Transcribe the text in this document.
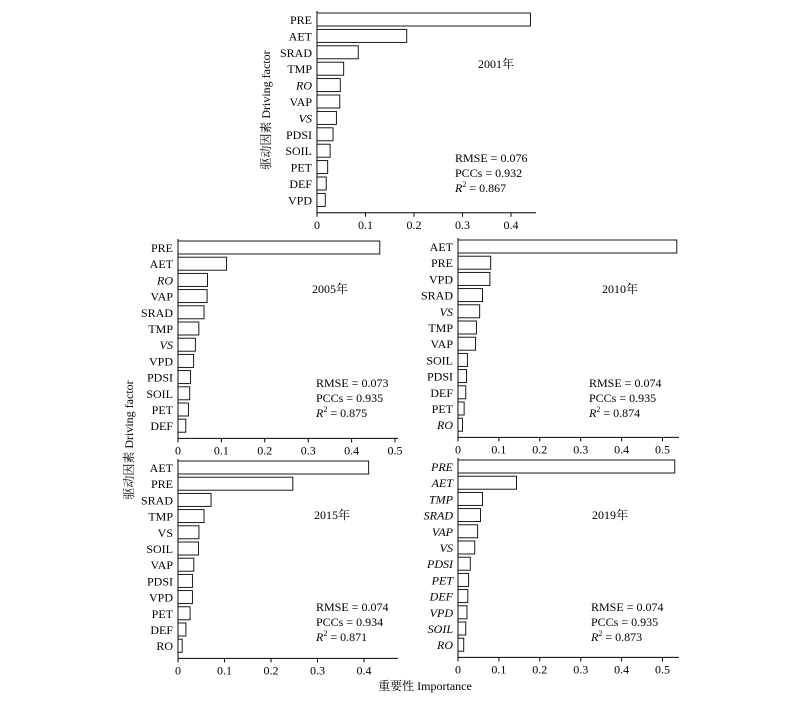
驱动因素 Driving factor
驱动因素 Driving factor
重要性 Importance
PRE
AET
SRAD
TMP
RO
VAP
VS
PDSI
SOIL
PET
DEF
VPD
0	0.1	0.2	0.3	0.4
2001年
RMSE = 0.076
PCCs = 0.932
$R^2 = 0.867$
PRE
AET
RO
VAP
SRAD
TMP
VS
VPD
PDSI
SOIL
PET
DEF
0	0.1 0.2 0.3 0.4 0.5
2005年
RMSE = 0.073
PCCs = 0.935
$R^2 = 0.875$
AET
PRE
VPD
SRAD
VS
TMP
VAP
SOIL
PDSI
DEF
PET
RO
0	0.1 0.2 0.3 0.4 0.5
2010年
RMSE = 0.074
PCCs = 0.935
$R^2 = 0.874$
AET
PRE
SRAD
TMP
VS
SOIL
VAP
PDSI
VPD
PET
DEF
RO
0	0.1	0.2	0.3	0.4
2015年
RMSE = 0.074
PCCs = 0.934
$R^2 = 0.871$
PRE
AET
TMP
SRAD
VAP
VS
PDSI
PET
DEF
VPD
SOIL
RO
0	0.1 0.2 0.3 0.4 0.5
2019年
RMSE = 0.074
PCCs = 0.935
$R^2 = 0.873$
